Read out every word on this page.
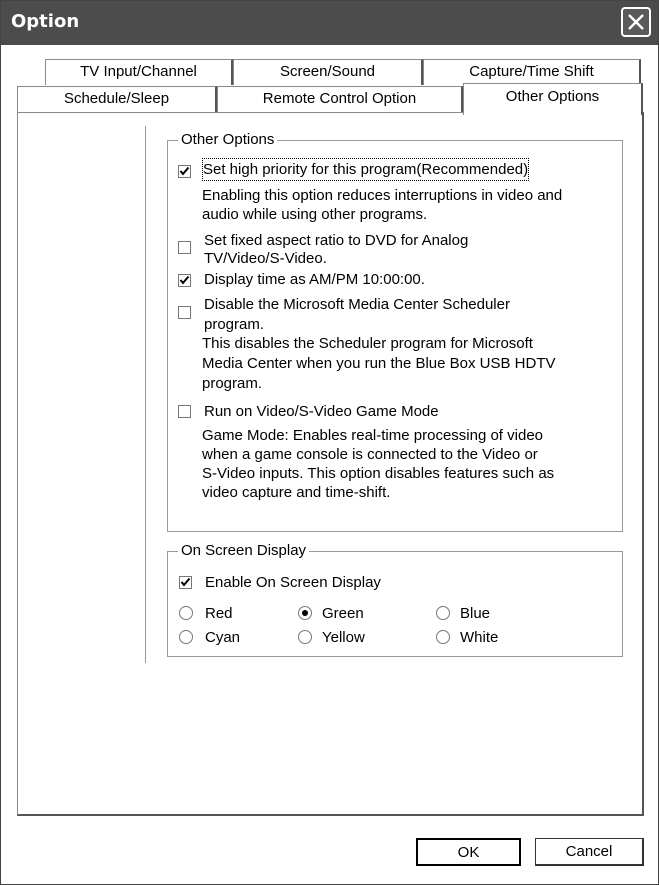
Option
TV Input/Channel	Screen/Sound	Capture/Time Shift
Schedule/Sleep	Remote Control Option	Other Options
Other Options
Set high priority for this program(Recommended)
Enabling this option reduces interruptions in video and
audio while using other programs.
Set fixed aspect ratio to DVD for Analog
TV/Video/S-Video.
Display time as AM/PM 10:00:00.
Disable the Microsoft Media Center Scheduler
program.
This disables the Scheduler program for Microsoft
Media Center when you run the Blue Box USB HDTV
program.
Run on Video/S-Video Game Mode
Game Mode: Enables real-time processing of video
when a game console is connected to the Video or
S-Video inputs. This option disables features such as
video capture and time-shift.
On Screen Display
Enable On Screen Display
Red	Green	Blue
Cyan	Yellow	White
OK	Cancel
